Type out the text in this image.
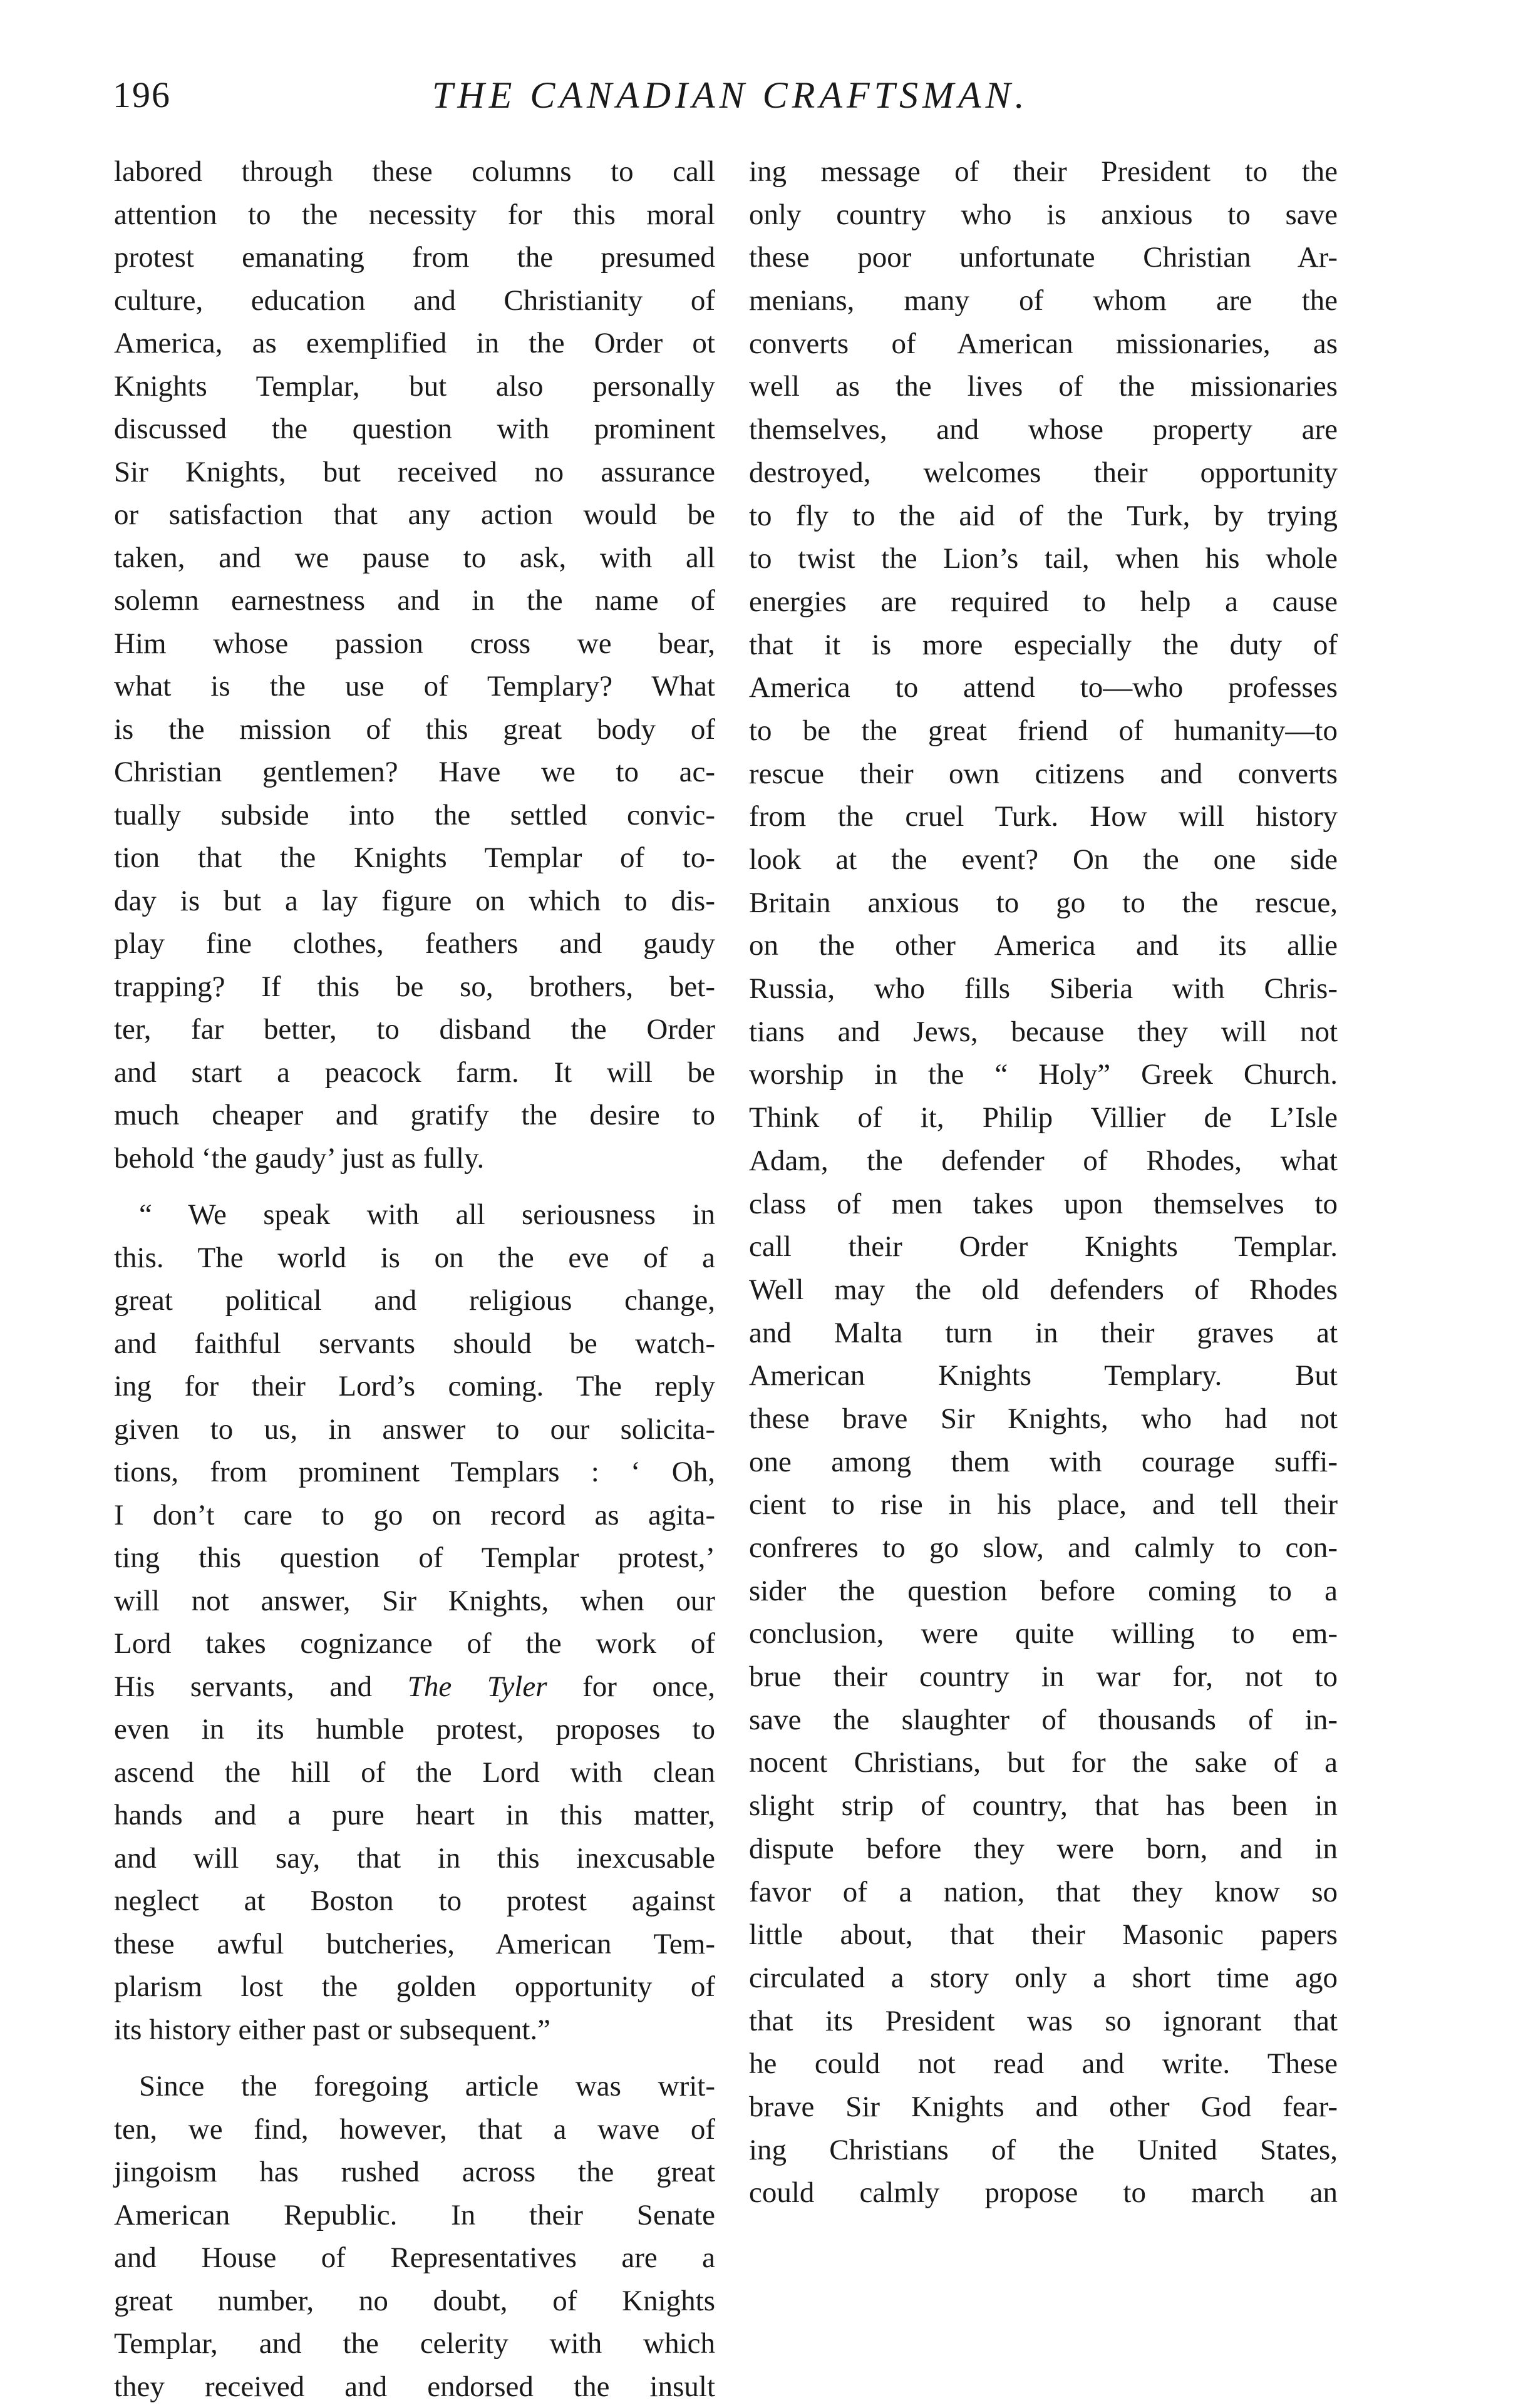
196	THE CANADIAN CRAFTSMAN.
labored through these columns to call
attention to the necessity for this moral
protest emanating from the presumed
culture, education and Christianity of
America, as exemplified in the Order ot
Knights Templar, but also personally
discussed the question with prominent
Sir Knights, but received no assurance
or satisfaction that any action would be
taken, and we pause to ask, with all
solemn earnestness and in the name of
Him whose passion cross we bear,
what is the use of Templary? What
is the mission of this great body of
Christian gentlemen? Have we to ac-
tually subside into the settled convic-
tion that the Knights Templar of to-
day is but a lay figure on which to dis-
play fine clothes, feathers and gaudy
trapping? If this be so, brothers, bet-
ter, far better, to disband the Order
and start a peacock farm. It will be
much cheaper and gratify the desire to
behold ‘the gaudy’ just as fully.
“ We speak with all seriousness in
this. The world is on the eve of a
great political and religious change,
and faithful servants should be watch-
ing for their Lord’s coming. The reply
given to us, in answer to our solicita-
tions, from prominent Templars : ‘ Oh,
I don’t care to go on record as agita-
ting this question of Templar protest,’
will not answer, Sir Knights, when our
Lord takes cognizance of the work of
His servants, and The Tyler for once,
even in its humble protest, proposes to
ascend the hill of the Lord with clean
hands and a pure heart in this matter,
and will say, that in this inexcusable
neglect at Boston to protest against
these awful butcheries, American Tem-
plarism lost the golden opportunity of
its history either past or subsequent.”
Since the foregoing article was writ-
ten, we find, however, that a wave of
jingoism has rushed across the great
American Republic. In their Senate
and House of Representatives are a
great number, no doubt, of Knights
Templar, and the celerity with which
they received and endorsed the insult
ing message of their President to the
only country who is anxious to save
these poor unfortunate Christian Ar-
menians, many of whom are the
converts of American missionaries, as
well as the lives of the missionaries
themselves, and whose property are
destroyed, welcomes their opportunity
to fly to the aid of the Turk, by trying
to twist the Lion’s tail, when his whole
energies are required to help a cause
that it is more especially the duty of
America to attend to—who professes
to be the great friend of humanity—to
rescue their own citizens and converts
from the cruel Turk. How will history
look at the event? On the one side
Britain anxious to go to the rescue,
on the other America and its allie
Russia, who fills Siberia with Chris-
tians and Jews, because they will not
worship in the “ Holy” Greek Church.
Think of it, Philip Villier de L’Isle
Adam, the defender of Rhodes, what
class of men takes upon themselves to
call their Order Knights Templar.
Well may the old defenders of Rhodes
and Malta turn in their graves at
American Knights Templary. But
these brave Sir Knights, who had not
one among them with courage suffi-
cient to rise in his place, and tell their
confreres to go slow, and calmly to con-
sider the question before coming to a
conclusion, were quite willing to em-
brue their country in war for, not to
save the slaughter of thousands of in-
nocent Christians, but for the sake of a
slight strip of country, that has been in
dispute before they were born, and in
favor of a nation, that they know so
little about, that their Masonic papers
circulated a story only a short time ago
that its President was so ignorant that
he could not read and write. These
brave Sir Knights and other God fear-
ing Christians of the United States,
could calmly propose to march an
